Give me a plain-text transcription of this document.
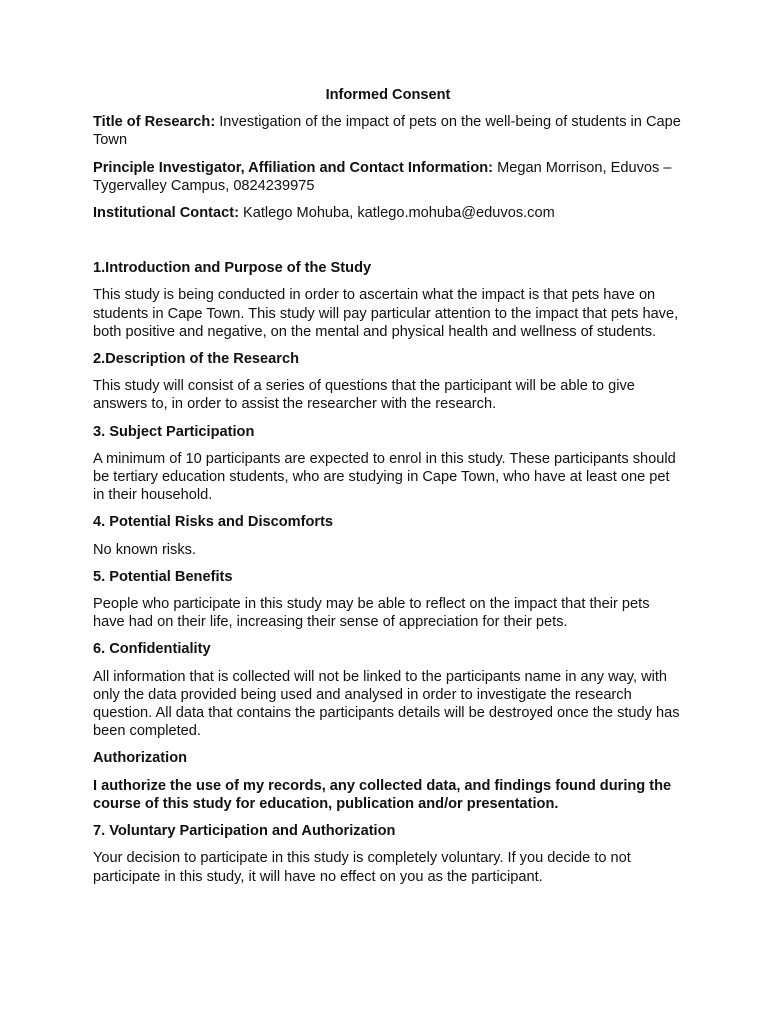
Informed Consent

Title of Research: Investigation of the impact of pets on the well-being of students in Cape Town

Principle Investigator, Affiliation and Contact Information: Megan Morrison, Eduvos – Tygervalley Campus, 0824239975

Institutional Contact: Katlego Mohuba, katlego.mohuba@eduvos.com

1.Introduction and Purpose of the Study

This study is being conducted in order to ascertain what the impact is that pets have on students in Cape Town. This study will pay particular attention to the impact that pets have, both positive and negative, on the mental and physical health and wellness of students.

2.Description of the Research

This study will consist of a series of questions that the participant will be able to give answers to, in order to assist the researcher with the research.

3. Subject Participation

A minimum of 10 participants are expected to enrol in this study. These participants should be tertiary education students, who are studying in Cape Town, who have at least one pet in their household.

4. Potential Risks and Discomforts

No known risks.

5. Potential Benefits

People who participate in this study may be able to reflect on the impact that their pets have had on their life, increasing their sense of appreciation for their pets.

6. Confidentiality

All information that is collected will not be linked to the participants name in any way, with only the data provided being used and analysed in order to investigate the research question. All data that contains the participants details will be destroyed once the study has been completed.

Authorization

I authorize the use of my records, any collected data, and findings found during the course of this study for education, publication and/or presentation.

7. Voluntary Participation and Authorization

Your decision to participate in this study is completely voluntary. If you decide to not participate in this study, it will have no effect on you as the participant.
